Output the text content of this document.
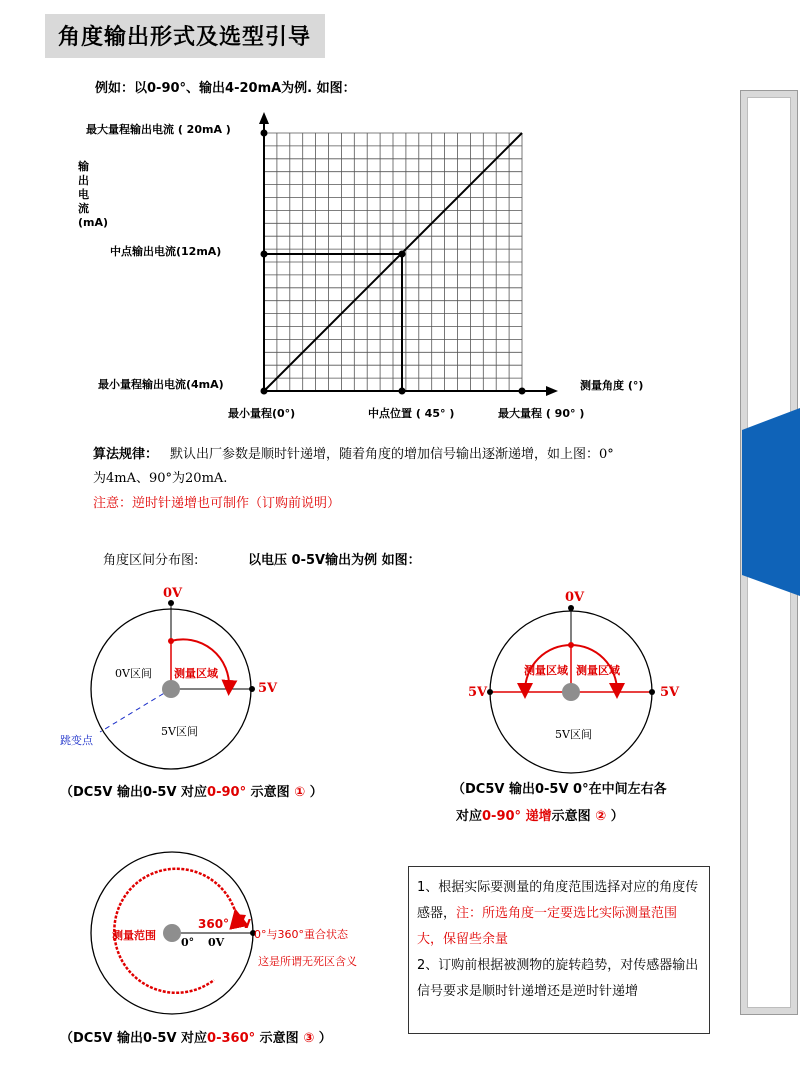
角度输出形式及选型引导
例如：以0-90°、输出4-20mA为例. 如图：
输出电流 (mA)
最大量程输出电流 ( 20mA )
中点输出电流(12mA)
最小量程输出电流(4mA)	测量角度 (°)
最小量程(0°)	中点位置 ( 45° )	最大量程 ( 90° )
算法规律： 默认出厂参数是顺时针递增，随着角度的增加信号输出逐渐递增，如上图：0°
为4mA、90°为20mA.
注意：逆时针递增也可制作（订购前说明）
角度区间分布图:	以电压 0-5V输出为例 如图：
0V
5V
0V区间
5V区间
测量区域
跳变点
（DC5V 输出0-5V 对应0-90° 示意图 ① ）
0V
5V	5V
测量区域 测量区域
5V区间
（DC5V 输出0-5V 0°在中间左右各
对应0-90° 递增示意图 ② ）
测量范围
360° 5V
0° 0V
0°与360°重合状态
这是所谓无死区含义
（DC5V 输出0-5V 对应0-360° 示意图 ③ ）
1、根据实际要测量的角度范围选择对应的角度传感器，注：所选角度一定要选比实际测量范围大，保留些余量
2、订购前根据被测物的旋转趋势，对传感器输出信号要求是顺时针递增还是逆时针递增
